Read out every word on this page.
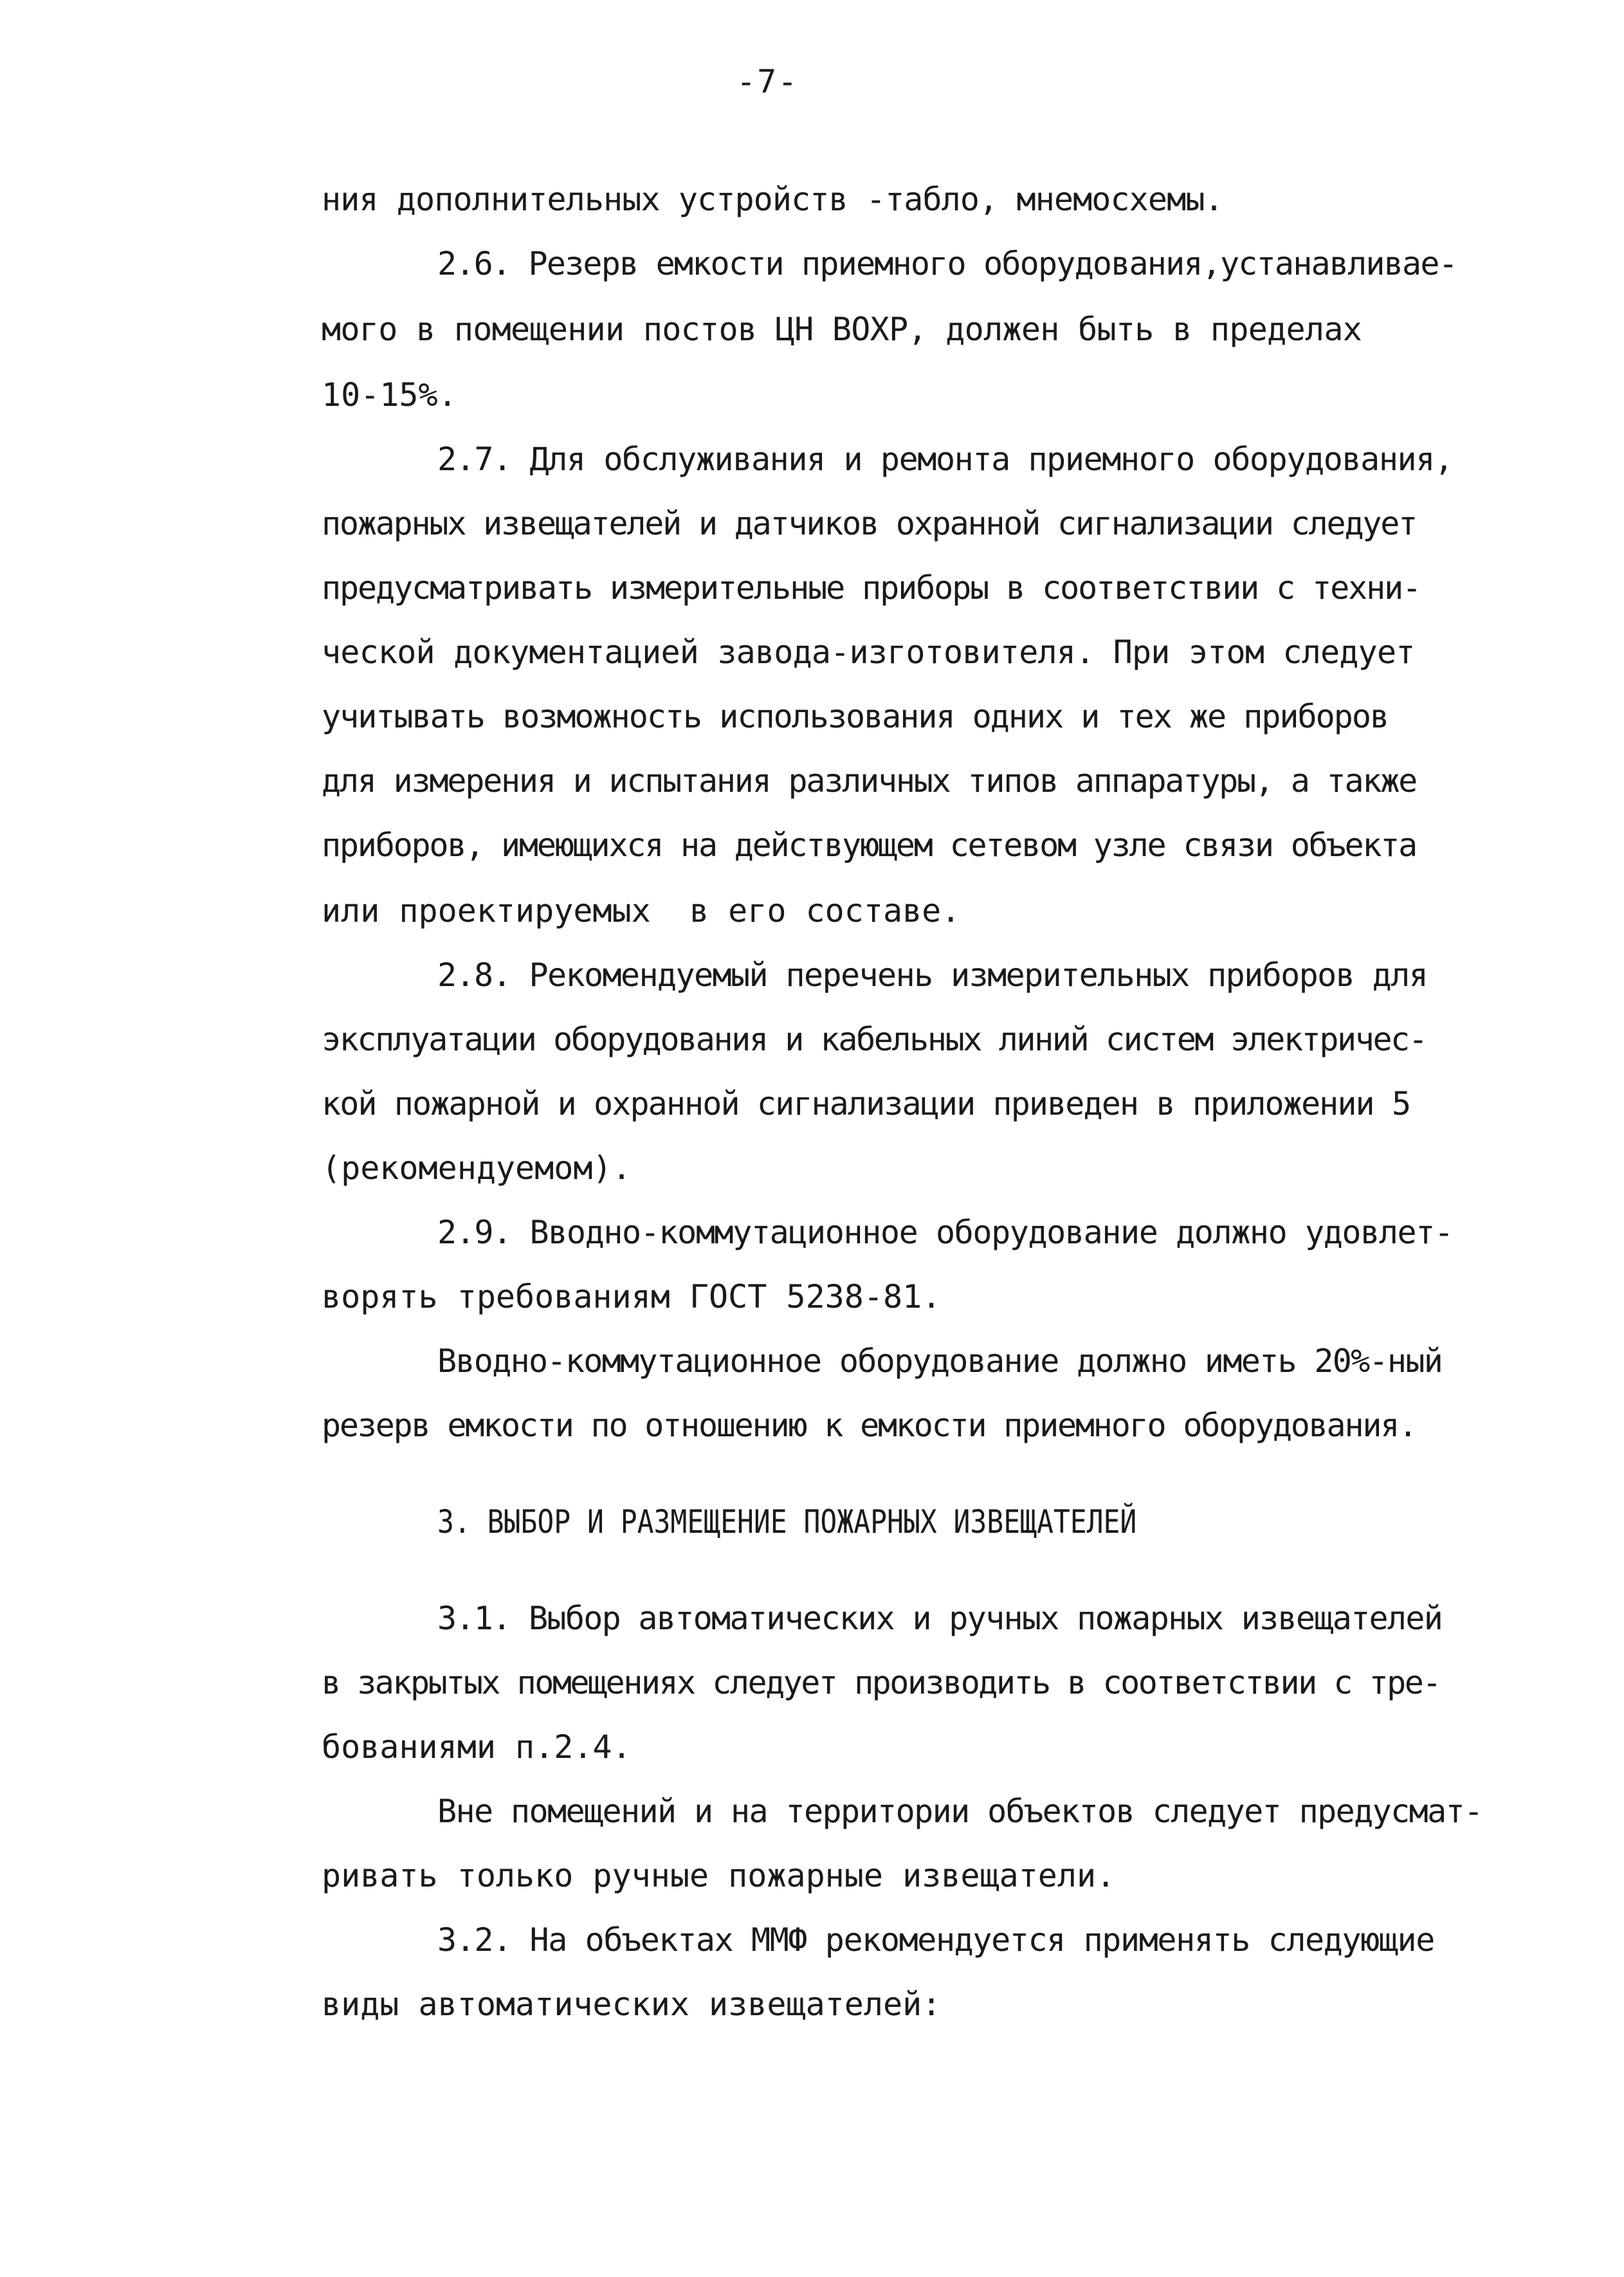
-7-
ния дополнительных устройств -табло, мнемосхемы.
2.6. Резерв емкости приемного оборудования,устанавливае-
мого в помещении постов ЦН ВОХР, должен быть в пределах
10-15%.
2.7. Для обслуживания и ремонта приемного оборудования,
пожарных извещателей и датчиков охранной сигнализации следует
предусматривать измерительные приборы в соответствии с техни-
ческой документацией завода-изготовителя. При этом следует
учитывать возможность использования одних и тех же приборов
для измерения и испытания различных типов аппаратуры, а также
приборов, имеющихся на действующем сетевом узле связи объекта
или проектируемых  в его составе.
2.8. Рекомендуемый перечень измерительных приборов для
эксплуатации оборудования и кабельных линий систем электричес-
кой пожарной и охранной сигнализации приведен в приложении 5
(рекомендуемом).
2.9. Вводно-коммутационное оборудование должно удовлет-
ворять требованиям ГОСТ 5238-81.
Вводно-коммутационное оборудование должно иметь 20%-ный
резерв емкости по отношению к емкости приемного оборудования.
3. ВЫБОР И РАЗМЕЩЕНИЕ ПОЖАРНЫХ ИЗВЕЩАТЕЛЕЙ
3.1. Выбор автоматических и ручных пожарных извещателей
в закрытых помещениях следует производить в соответствии с тре-
бованиями п.2.4.
Вне помещений и на территории объектов следует предусмат-
ривать только ручные пожарные извещатели.
3.2. На объектах ММФ рекомендуется применять следующие
виды автоматических извещателей:
